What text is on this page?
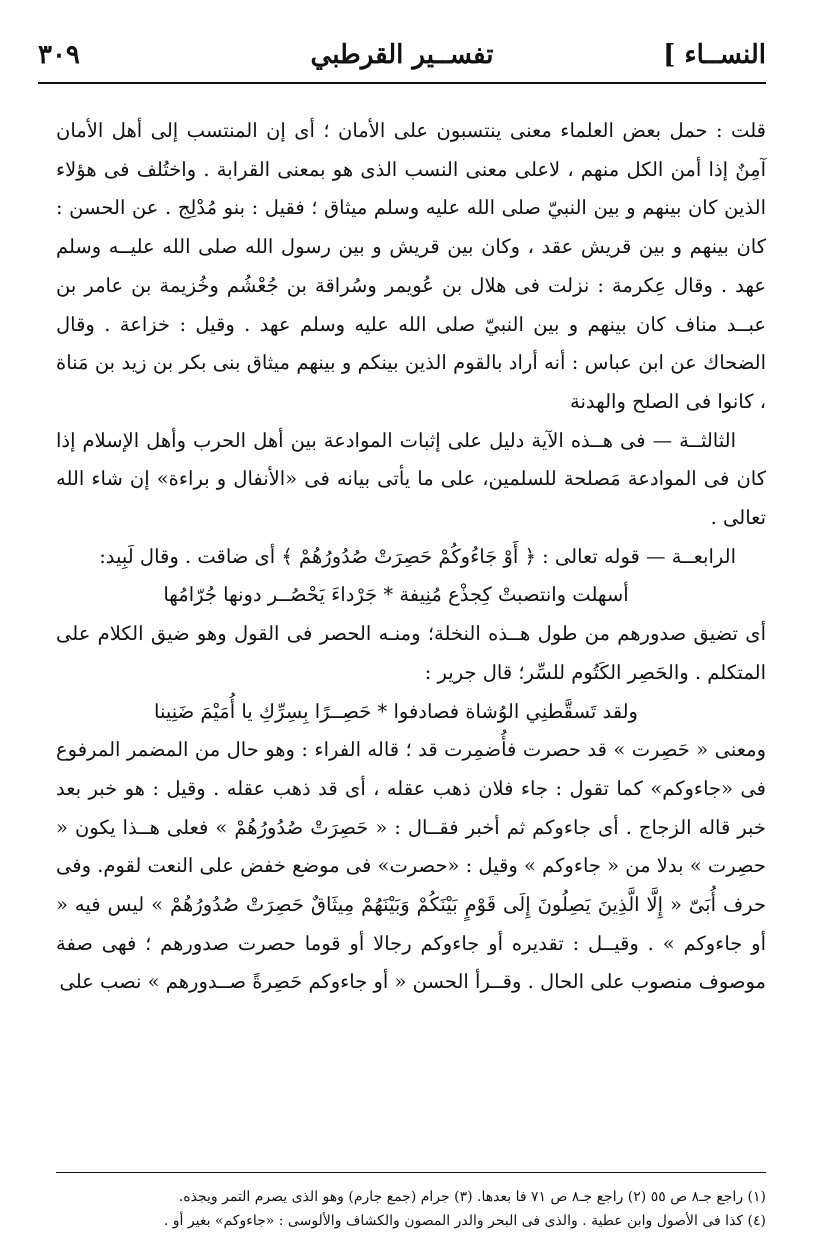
النســاء ]
تفســير القرطبي
٣٠٩

قلت : حمل بعض العلماء معنى ينتسبون على الأمان ؛ أى إن المنتسب إلى أهل الأمان آمِنٌ إذا أمن الكل منهم ، لاعلى معنى النسب الذى هو بمعنى القرابة . واختُلف فى هؤلاء الذين كان بينهم و بين النبيّ صلى الله عليه وسلم ميثاق ؛ فقيل : بنو مُدْلِج . عن الحسن : كان بينهم و بين قريش عقد ، وكان بين قريش و بين رسول الله صلى الله عليــه وسلم عهد . وقال عِكرمة : نزلت فى هلال بن عُويمر وسُراقة بن جُعْشُم وخُزيمة بن عامر بن عبــد مناف كان بينهم و بين النبيّ صلى الله عليه وسلم عهد . وقيل : خزاعة . وقال الضحاك عن ابن عباس : أنه أراد بالقوم الذين بينكم و بينهم ميثاق بنى بكر بن زيد بن مَناة ، كانوا فى الصلح والهدنة

الثالثــة — فى هــذه الآية دليل على إثبات الموادعة بين أهل الحرب وأهل الإسلام إذا كان فى الموادعة مَصلحة للسلمين، على ما يأتى بيانه فى «الأنفال و براءة» إن شاء الله تعالى .

الرابعــة — قوله تعالى : ﴿ أَوْ جَاءُوكُمْ حَصِرَتْ صُدُورُهُمْ ﴾ أى ضاقت . وقال لَبِيد:

أسهلت وانتصبتْ كِجذْع مُنِيفة * جَرْداءَ يَحْصُــر دونها جُرّامُها

أى تضيق صدورهم من طول هــذه النخلة؛ ومنـه الحصر فى القول وهو ضيق الكلام على المتكلم . والحَصِر الكَتُوم للسِّر؛ قال جرير :

ولقد تَسقَّطنِي الوُشاة فصادفوا * حَصِــرًا بِسِرِّكِ يا أُمَيْمَ ضَنِينا

ومعنى « حَصِرت » قد حصرت فأُضمِرت قد ؛ قاله الفراء : وهو حال من المضمر المرفوع فى «جاءوكم» كما تقول : جاء فلان ذهب عقله ، أى قد ذهب عقله . وقيل : هو خبر بعد خبر قاله الزجاج . أى جاءوكم ثم أخبر فقــال : « حَصِرَتْ صُدُورُهُمْ » فعلى هــذا يكون « حصِرت » بدلا من « جاءوكم » وقيل : «حصرت» فى موضع خفض على النعت لقوم. وفى حرف أُبَىّ « إِلَّا الَّذِينَ يَصِلُونَ إِلَى قَوْمٍ بَيْنَكُمْ وَبَيْنَهُمْ مِيثَاقٌ حَصِرَتْ صُدُورُهُمْ » ليس فيه « أو جاءوكم » . وقيــل : تقديره أو جاءوكم رجالا أو قوما حصرت صدورهم ؛ فهى صفة موصوف منصوب على الحال . وقــرأ الحسن « أو جاءوكم حَصِرةً صــدورهم » نصب على

(١) راجع جـ٨ ص ٥٥ (٢) راجع جـ٨ ص ٧١ فا بعدها. (٣) جرام (جمع جارم) وهو الذى يصرم التمر ويجذه.
(٤) كذا فى الأصول وابن عطية . والذى فى البحر والدر المصون والكشاف والألوسى : «جاءوكم» بغير أو .
